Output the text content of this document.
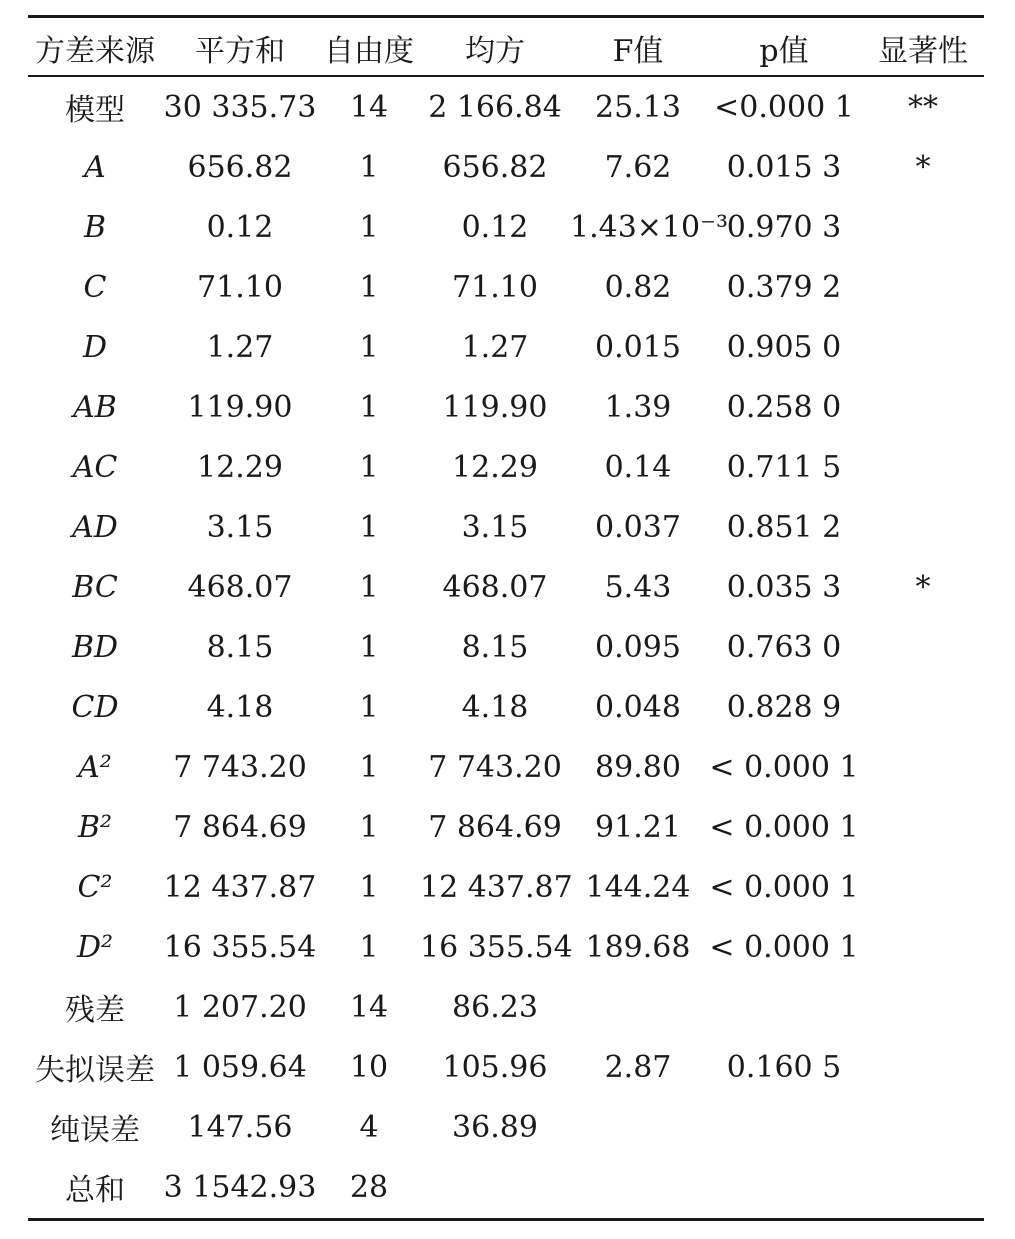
方差来源	平方和	自由度	均方	F值	p值	显著性
模型	30 335.73	14	2 166.84	25.13	<0.000 1	**
A	656.82	1	656.82	7.62	0.015 3	*
B	0.12	1	0.12	1.43×10⁻³	0.970 3	
C	71.10	1	71.10	0.82	0.379 2	
D	1.27	1	1.27	0.015	0.905 0	
AB	119.90	1	119.90	1.39	0.258 0	
AC	12.29	1	12.29	0.14	0.711 5	
AD	3.15	1	3.15	0.037	0.851 2	
BC	468.07	1	468.07	5.43	0.035 3	*
BD	8.15	1	8.15	0.095	0.763 0	
CD	4.18	1	4.18	0.048	0.828 9	
A²	7 743.20	1	7 743.20	89.80	< 0.000 1	
B²	7 864.69	1	7 864.69	91.21	< 0.000 1	
C²	12 437.87	1	12 437.87	144.24	< 0.000 1	
D²	16 355.54	1	16 355.54	189.68	< 0.000 1	
残差	1 207.20	14	86.23			
失拟误差	1 059.64	10	105.96	2.87	0.160 5	
纯误差	147.56	4	36.89			
总和	3 1542.93	28				
